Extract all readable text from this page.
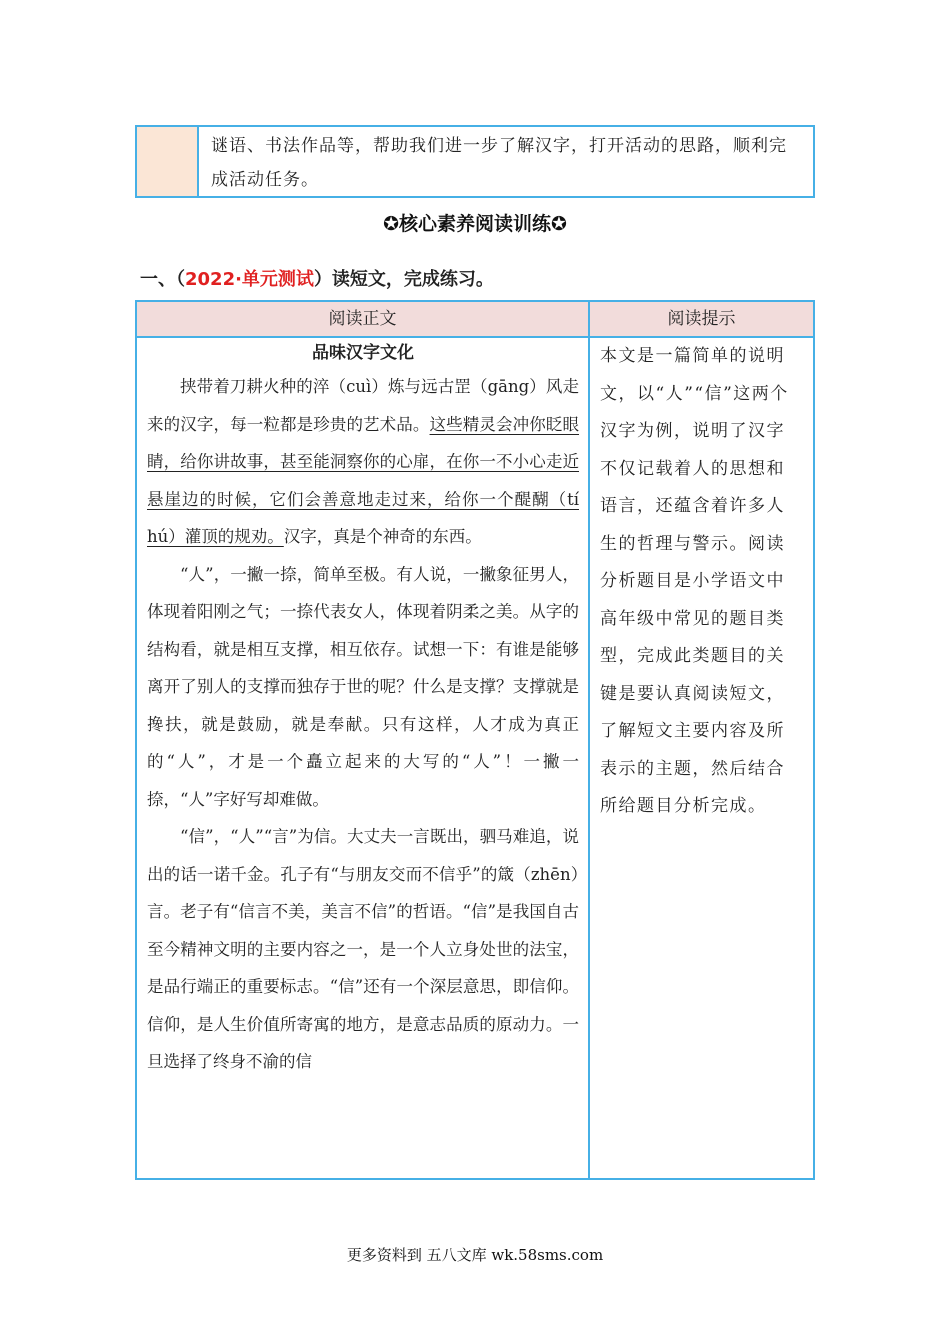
谜语、书法作品等，帮助我们进一步了解汉字，打开活动的思路，顺利完成活动任务。
✪核心素养阅读训练✪
一、（2022·单元测试）读短文，完成练习。
阅读正文	阅读提示
品味汉字文化

挟带着刀耕火种的淬（cuì）炼与远古罡（gāng）风走来的汉字，每一粒都是珍贵的艺术品。这些精灵会冲你眨眼睛，给你讲故事，甚至能洞察你的心扉，在你一不小心走近悬崖边的时候，它们会善意地走过来，给你一个醍醐（tí hú）灌顶的规劝。汉字，真是个神奇的东西。

“人”，一撇一捺，简单至极。有人说，一撇象征男人，体现着阳刚之气；一捺代表女人，体现着阴柔之美。从字的结构看，就是相互支撑，相互依存。试想一下：有谁是能够离开了别人的支撑而独存于世的呢？什么是支撑？支撑就是搀扶，就是鼓励，就是奉献。只有这样，人才成为真正的“人”，才是一个矗立起来的大写的“人”！一撇一捺，“人”字好写却难做。

“信”，“人”“言”为信。大丈夫一言既出，驷马难追，说出的话一诺千金。孔子有“与朋友交而不信乎”的箴（zhēn）言。老子有“信言不美，美言不信”的哲语。“信”是我国自古至今精神文明的主要内容之一，是一个人立身处世的法宝，是品行端正的重要标志。“信”还有一个深层意思，即信仰。信仰，是人生价值所寄寓的地方，是意志品质的原动力。一旦选择了终身不渝的信

本文是一篇简单的说明文，以“人”“信”这两个汉字为例，说明了汉字不仅记载着人的思想和语言，还蕴含着许多人生的哲理与警示。阅读分析题目是小学语文中高年级中常见的题目类型，完成此类题目的关键是要认真阅读短文，了解短文主要内容及所表示的主题，然后结合所给题目分析完成。
更多资料到 五八文库 wk.58sms.com
